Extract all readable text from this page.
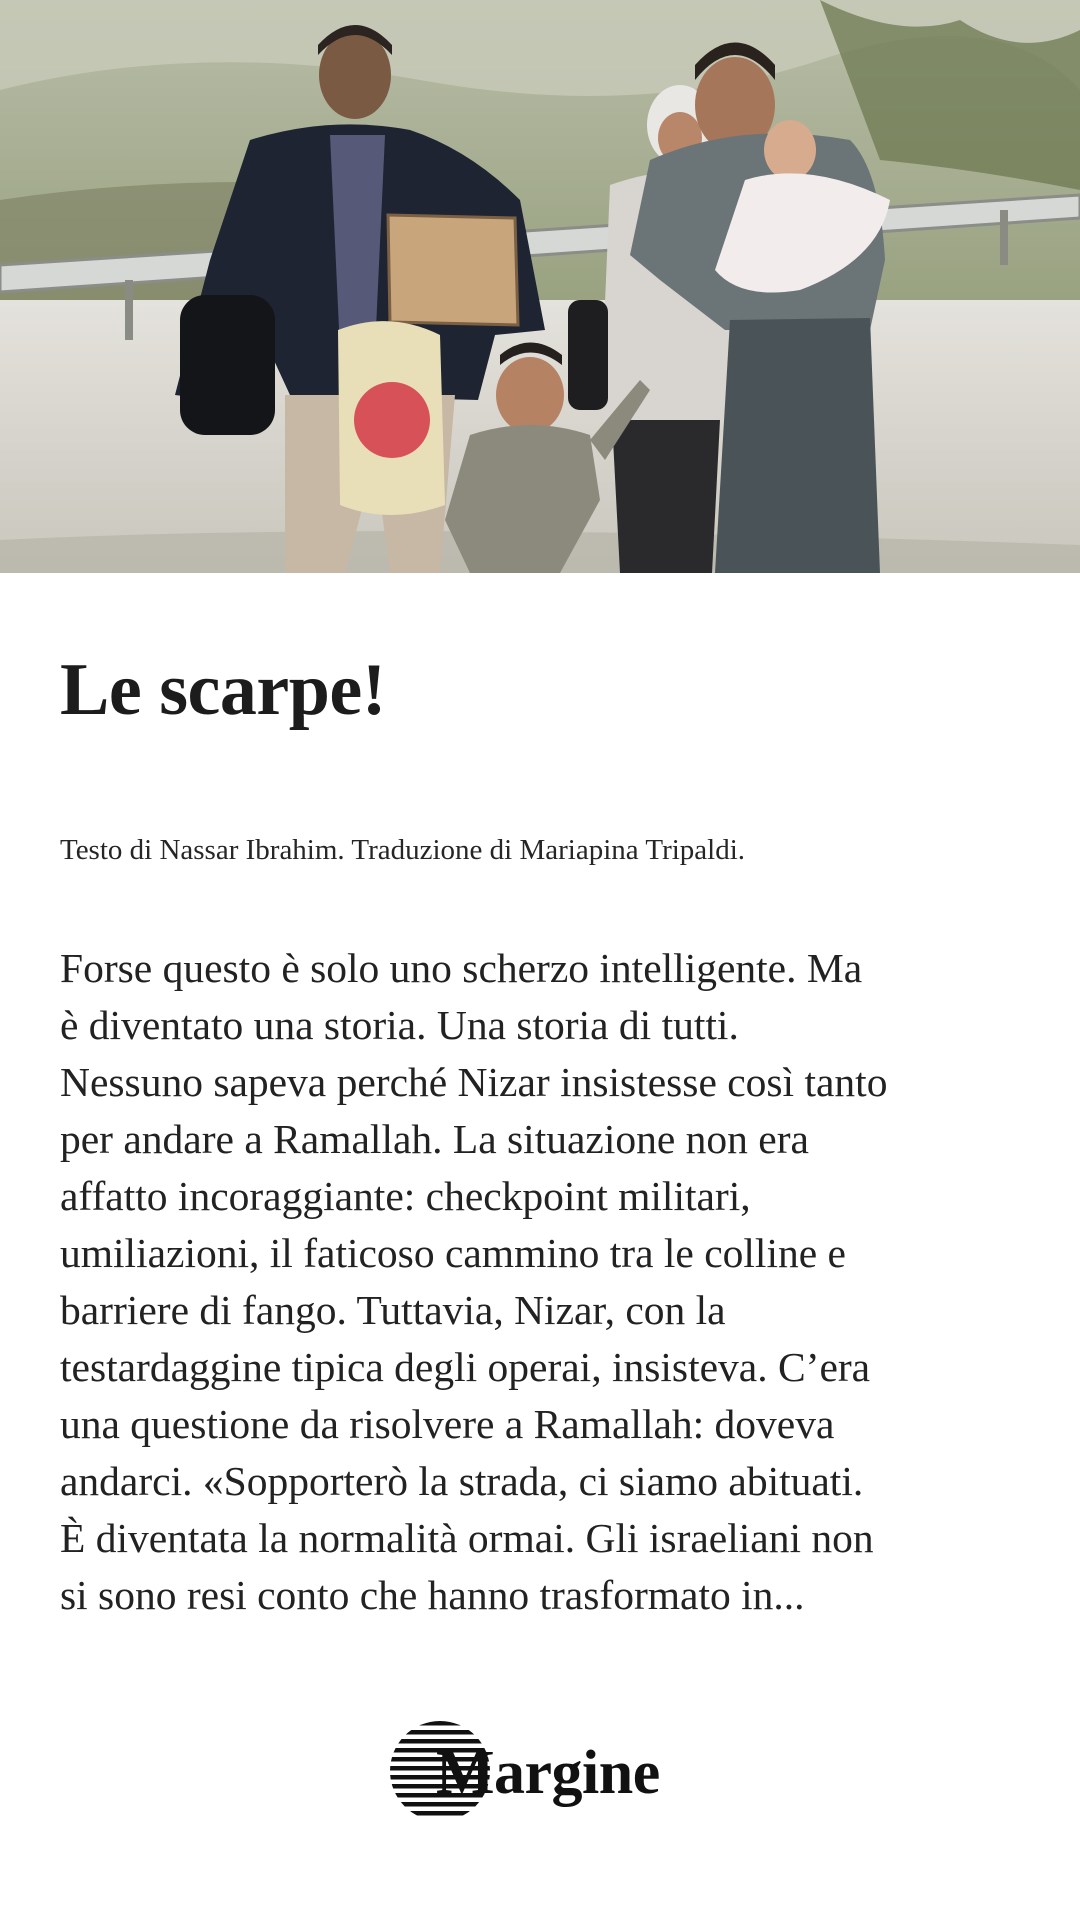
Le scarpe!

Testo di Nassar Ibrahim. Traduzione di Mariapina Tripaldi.

Forse questo è solo uno scherzo intelligente. Ma
è diventato una storia. Una storia di tutti.
Nessuno sapeva perché Nizar insistesse così tanto
per andare a Ramallah. La situazione non era
affatto incoraggiante: checkpoint militari,
umiliazioni, il faticoso cammino tra le colline e
barriere di fango. Tuttavia, Nizar, con la
testardaggine tipica degli operai, insisteva. C’era
una questione da risolvere a Ramallah: doveva
andarci. «Sopporterò la strada, ci siamo abituati.
È diventata la normalità ormai. Gli israeliani non
si sono resi conto che hanno trasformato in...

Margine
